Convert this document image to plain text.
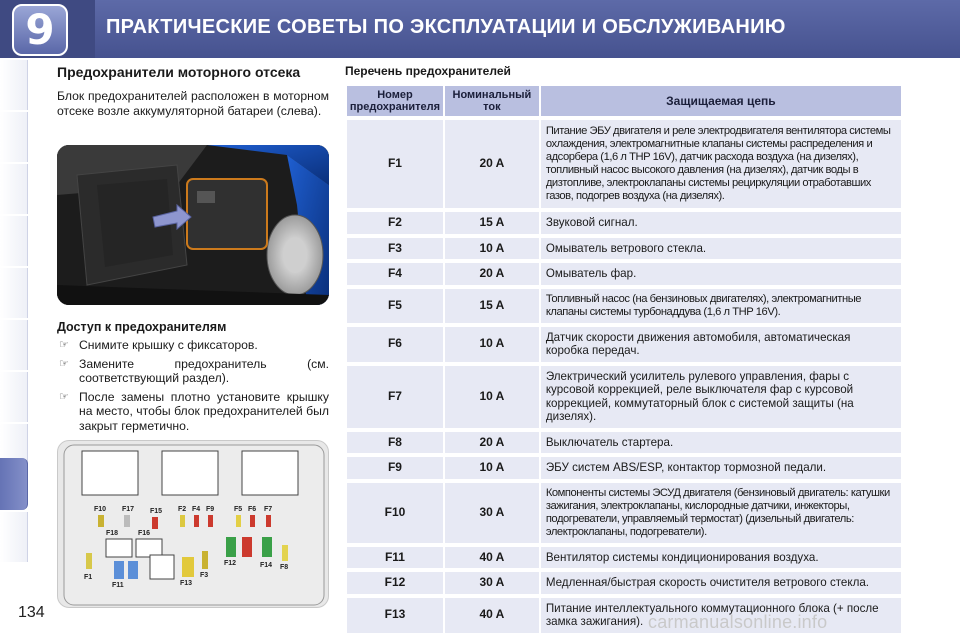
9	ПРАКТИЧЕСКИЕ СОВЕТЫ ПО ЭКСПЛУАТАЦИИ И ОБСЛУЖИВАНИЮ
Предохранители моторного отсека
Блок предохранителей расположен в моторном отсеке возле аккумуляторной батареи (слева).
Доступ к предохранителям
☞ Снимите крышку с фиксаторов.
☞ Замените предохранитель (см. соответствующий раздел).
☞ После замены плотно установите крышку на место, чтобы блок предохранителей был закрыт герметично.
F10 F17 F15 F2 F4 F9	F5 F6 F7
F18	F16
F1
F11	F13
F3
F12	F14 F8
134
Перечень предохранителей
Номер предохранителя	Номинальный ток	Защищаемая цепь
F1	20 A	Питание ЭБУ двигателя и реле электродвигателя вентилятора системы охлаждения, электромагнитные клапаны системы распределения и адсорбера (1,6 л THP 16V), датчик расхода воздуха (на дизелях), топливный насос высокого давления (на дизелях), датчик воды в дизтопливе, электроклапаны системы рециркуляции отработавших газов, подогрев воздуха (на дизелях).
F2	15 A	Звуковой сигнал.
F3	10 A	Омыватель ветрового стекла.
F4	20 A	Омыватель фар.
F5	15 A	Топливный насос (на бензиновых двигателях), электромагнитные клапаны системы турбонаддува (1,6 л THP 16V).
F6	10 A	Датчик скорости движения автомобиля, автоматическая коробка передач.
F7	10 A	Электрический усилитель рулевого управления, фары с курсовой коррекцией, реле выключателя фар с курсовой коррекцией, коммутаторный блок с системой защиты (на дизелях).
F8	20 A	Выключатель стартера.
F9	10 A	ЭБУ систем ABS/ESP, контактор тормозной педали.
F10	30 A	Компоненты системы ЭСУД двигателя (бензиновый двигатель: катушки зажигания, электроклапаны, кислородные датчики, инжекторы, подогреватели, управляемый термостат) (дизельный двигатель: электроклапаны, подогреватели).
F11	40 A	Вентилятор системы кондиционирования воздуха.
F12	30 A	Медленная/быстрая скорость очистителя ветрового стекла.
F13	40 A	Питание интеллектуального коммутационного блока (+ после замка зажигания). carmanualsonline.info
